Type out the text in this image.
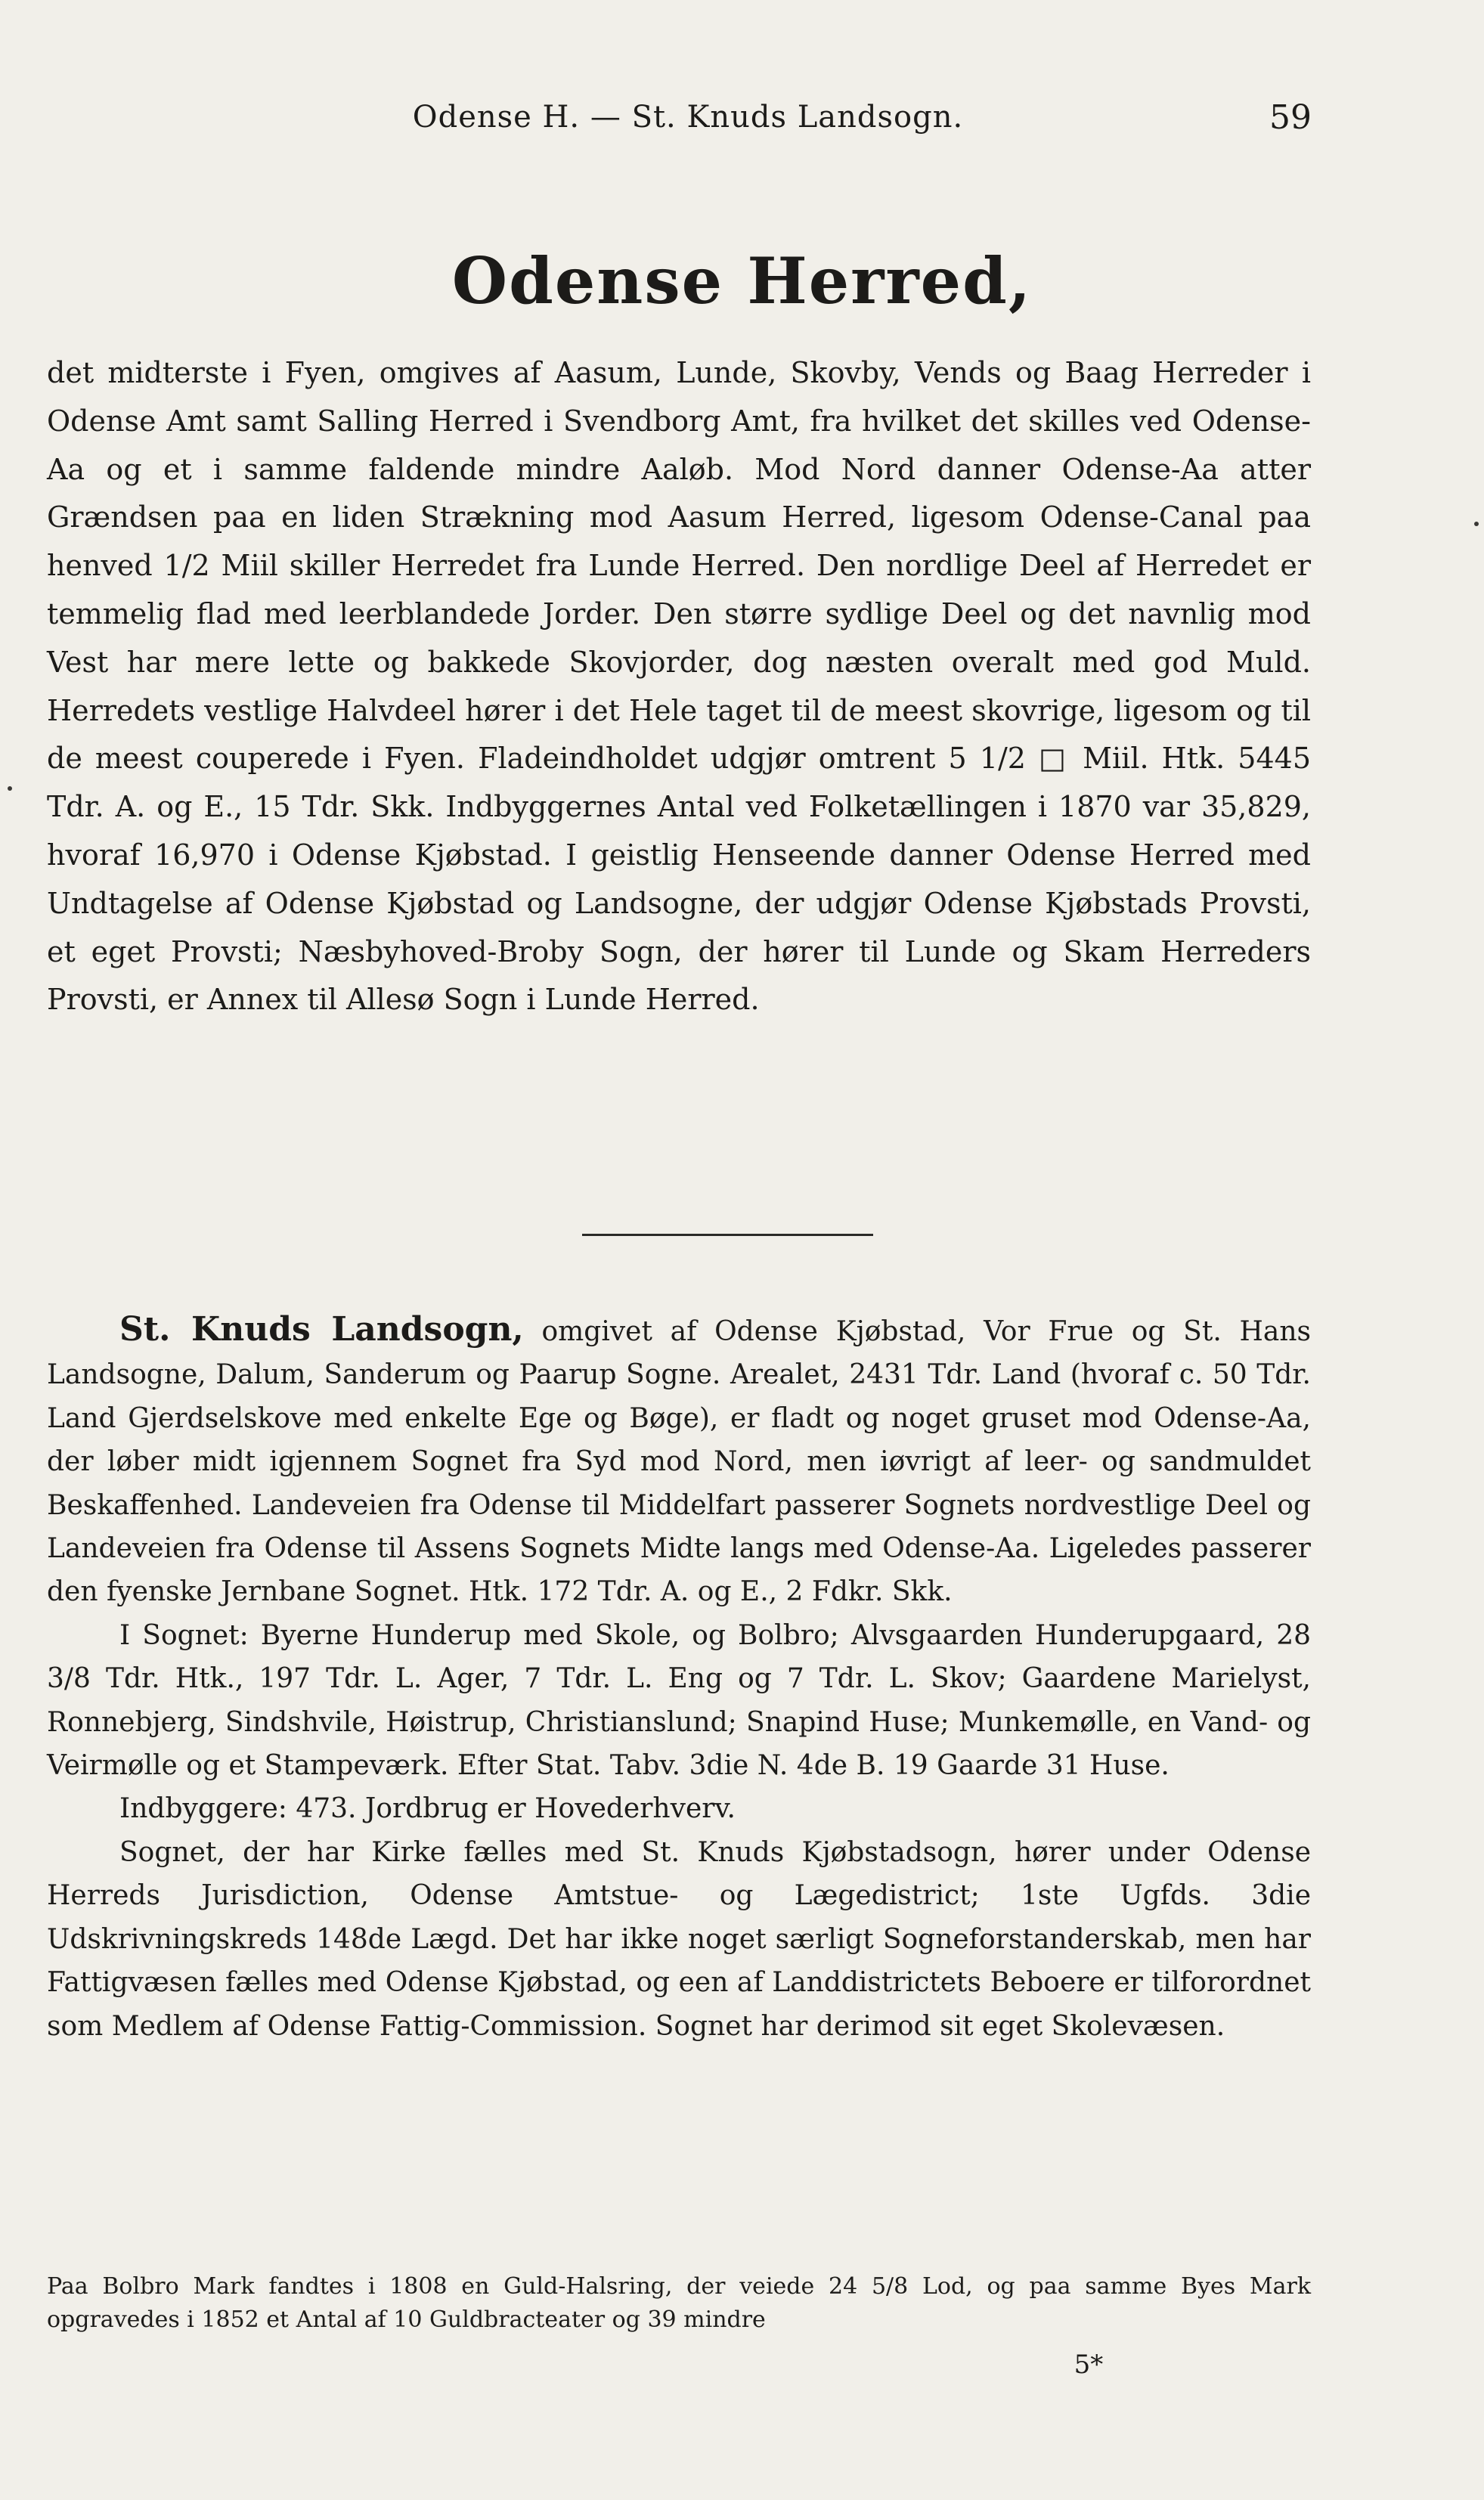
Odense H. — St. Knuds Landsogn.	59
Odense Herred,
det midterste i Fyen, omgives af Aasum, Lunde, Skovby, Vends og Baag Herreder i Odense Amt samt Salling Herred i Svendborg Amt, fra hvilket det skilles ved Odense-Aa og et i samme faldende mindre Aaløb. Mod Nord danner Odense-Aa atter Grændsen paa en liden Strækning mod Aasum Herred, ligesom Odense-Canal paa henved 1/2 Miil skiller Herredet fra Lunde Herred. Den nordlige Deel af Herredet er temmelig flad med leerblandede Jorder. Den større sydlige Deel og det navnlig mod Vest har mere lette og bakkede Skovjorder, dog næsten overalt med god Muld. Herredets vestlige Halvdeel hører i det Hele taget til de meest skovrige, ligesom og til de meest couperede i Fyen. Fladeindholdet udgjør omtrent 5 1/2 □ Miil. Htk. 5445 Tdr. A. og E., 15 Tdr. Skk. Indbyggernes Antal ved Folketællingen i 1870 var 35,829, hvoraf 16,970 i Odense Kjøbstad. I geistlig Henseende danner Odense Herred med Undtagelse af Odense Kjøbstad og Landsogne, der udgjør Odense Kjøbstads Provsti, et eget Provsti; Næsbyhoved-Broby Sogn, der hører til Lunde og Skam Herreders Provsti, er Annex til Allesø Sogn i Lunde Herred.

St. Knuds Landsogn, omgivet af Odense Kjøbstad, Vor Frue og St. Hans Landsogne, Dalum, Sanderum og Paarup Sogne. Arealet, 2431 Tdr. Land (hvoraf c. 50 Tdr. Land Gjerdselskove med enkelte Ege og Bøge), er fladt og noget gruset mod Odense-Aa, der løber midt igjennem Sognet fra Syd mod Nord, men iøvrigt af leer- og sandmuldet Beskaffenhed. Landeveien fra Odense til Middelfart passerer Sognets nordvestlige Deel og Landeveien fra Odense til Assens Sognets Midte langs med Odense-Aa. Ligeledes passerer den fyenske Jernbane Sognet. Htk. 172 Tdr. A. og E., 2 Fdkr. Skk.

I Sognet: Byerne Hunderup med Skole, og Bolbro; Alvsgaarden Hunderupgaard, 28 3/8 Tdr. Htk., 197 Tdr. L. Ager, 7 Tdr. L. Eng og 7 Tdr. L. Skov; Gaardene Marielyst, Ronnebjerg, Sindshvile, Høistrup, Christianslund; Snapind Huse; Munkemølle, en Vand- og Veirmølle og et Stampeværk. Efter Stat. Tabv. 3die N. 4de B. 19 Gaarde 31 Huse.

Indbyggere: 473. Jordbrug er Hovederhverv.

Sognet, der har Kirke fælles med St. Knuds Kjøbstadsogn, hører under Odense Herreds Jurisdiction, Odense Amtstue- og Lægedistrict; 1ste Ugfds. 3die Udskrivningskreds 148de Lægd. Det har ikke noget særligt Sogneforstanderskab, men har Fattigvæsen fælles med Odense Kjøbstad, og een af Landdistrictets Beboere er tilforordnet som Medlem af Odense Fattig-Commission. Sognet har derimod sit eget Skolevæsen.

Paa Bolbro Mark fandtes i 1808 en Guld-Halsring, der veiede 24 5/8 Lod, og paa samme Byes Mark opgravedes i 1852 et Antal af 10 Guldbracteater og 39 mindre
5*
